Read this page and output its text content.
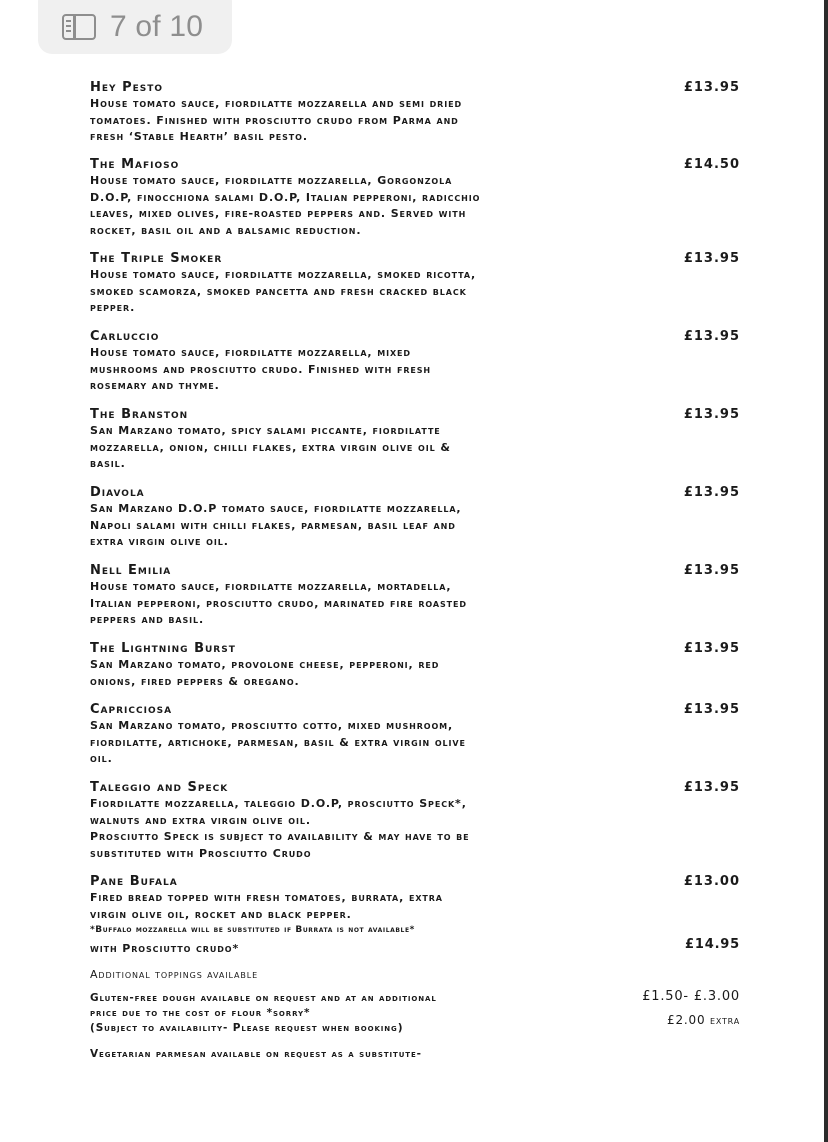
7 of 10
Hey Pesto
House tomato sauce, fiordilatte mozzarella and semi dried
tomatoes. Finished with prosciutto crudo from Parma and
fresh ‘Stable Hearth’ basil pesto.
£13.95
The Mafioso
House tomato sauce, fiordilatte mozzarella, Gorgonzola
D.O.P, finocchiona salami D.O.P, Italian pepperoni, radicchio
leaves, mixed olives, fire-roasted peppers and. Served with
rocket, basil oil and a balsamic reduction.
£14.50
The Triple Smoker
House tomato sauce, fiordilatte mozzarella, smoked ricotta,
smoked scamorza, smoked pancetta and fresh cracked black
pepper.
£13.95
Carluccio
House tomato sauce, fiordilatte mozzarella, mixed
mushrooms and prosciutto crudo. Finished with fresh
rosemary and thyme.
£13.95
The Branston
San Marzano tomato, spicy salami piccante, fiordilatte
mozzarella, onion, chilli flakes, extra virgin olive oil &
basil.
£13.95
Diavola
San Marzano D.O.P tomato sauce, fiordilatte mozzarella,
Napoli salami with chilli flakes, parmesan, basil leaf and
extra virgin olive oil.
£13.95
Nell Emilia
House tomato sauce, fiordilatte mozzarella, mortadella,
Italian pepperoni, prosciutto crudo, marinated fire roasted
peppers and basil.
£13.95
The Lightning Burst
San Marzano tomato, provolone cheese, pepperoni, red
onions, fired peppers & oregano.
£13.95
Capricciosa
San Marzano tomato, prosciutto cotto, mixed mushroom,
fiordilatte, artichoke, parmesan, basil & extra virgin olive
oil.
£13.95
Taleggio and Speck
Fiordilatte mozzarella, taleggio D.O.P, prosciutto Speck*,
walnuts and extra virgin olive oil.
Prosciutto Speck is subject to availability & may have to be
substituted with Prosciutto Crudo
£13.95
Pane Bufala
Fired bread topped with fresh tomatoes, burrata, extra
virgin olive oil, rocket and black pepper.
*Buffalo mozzarella will be substituted if Burrata is not available*
£13.00
with Prosciutto crudo*	£14.95
Additional toppings available
Gluten-free dough available on request and at an additional
price due to the cost of flour *sorry*
(Subject to availability- Please request when booking)
£1.50- £.3.00
£2.00 extra
Vegetarian parmesan available on request as a substitute-
